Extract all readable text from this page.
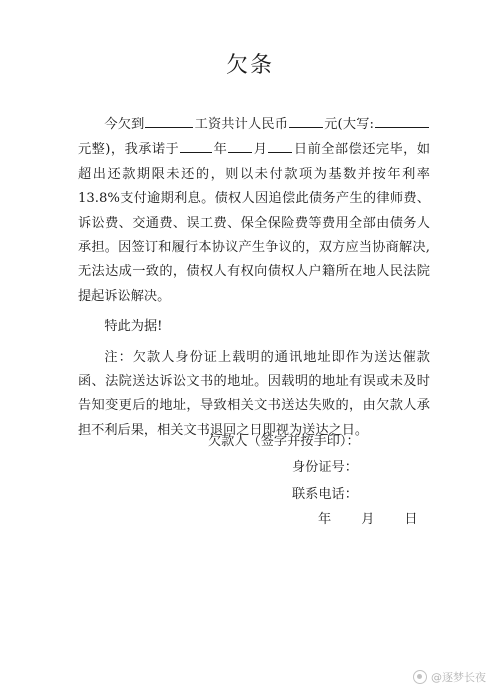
欠条

今欠到	工资共计人民币	元(大写:元整)，我承诺于	年 月 日前全部偿还完毕，如超出还款期限未还的，则以未付款项为基数并按年利率 13.8%支付逾期利息。债权人因追偿此债务产生的律师费、诉讼费、交通费、误工费、保全保险费等费用全部由债务人承担。因签订和履行本协议产生争议的，双方应当协商解决,无法达成一致的，债权人有权向债权人户籍所在地人民法院提起诉讼解决。

特此为据!

注：欠款人身份证上载明的通讯地址即作为送达催款函、法院送达诉讼文书的地址。因载明的地址有误或未及时告知变更后的地址，导致相关文书送达失败的，由欠款人承担不利后果，相关文书退回之日即视为送达之日。

欠款人（签字并按手印）：
身份证号：
联系电话：
年 月 日
@逐梦长夜
